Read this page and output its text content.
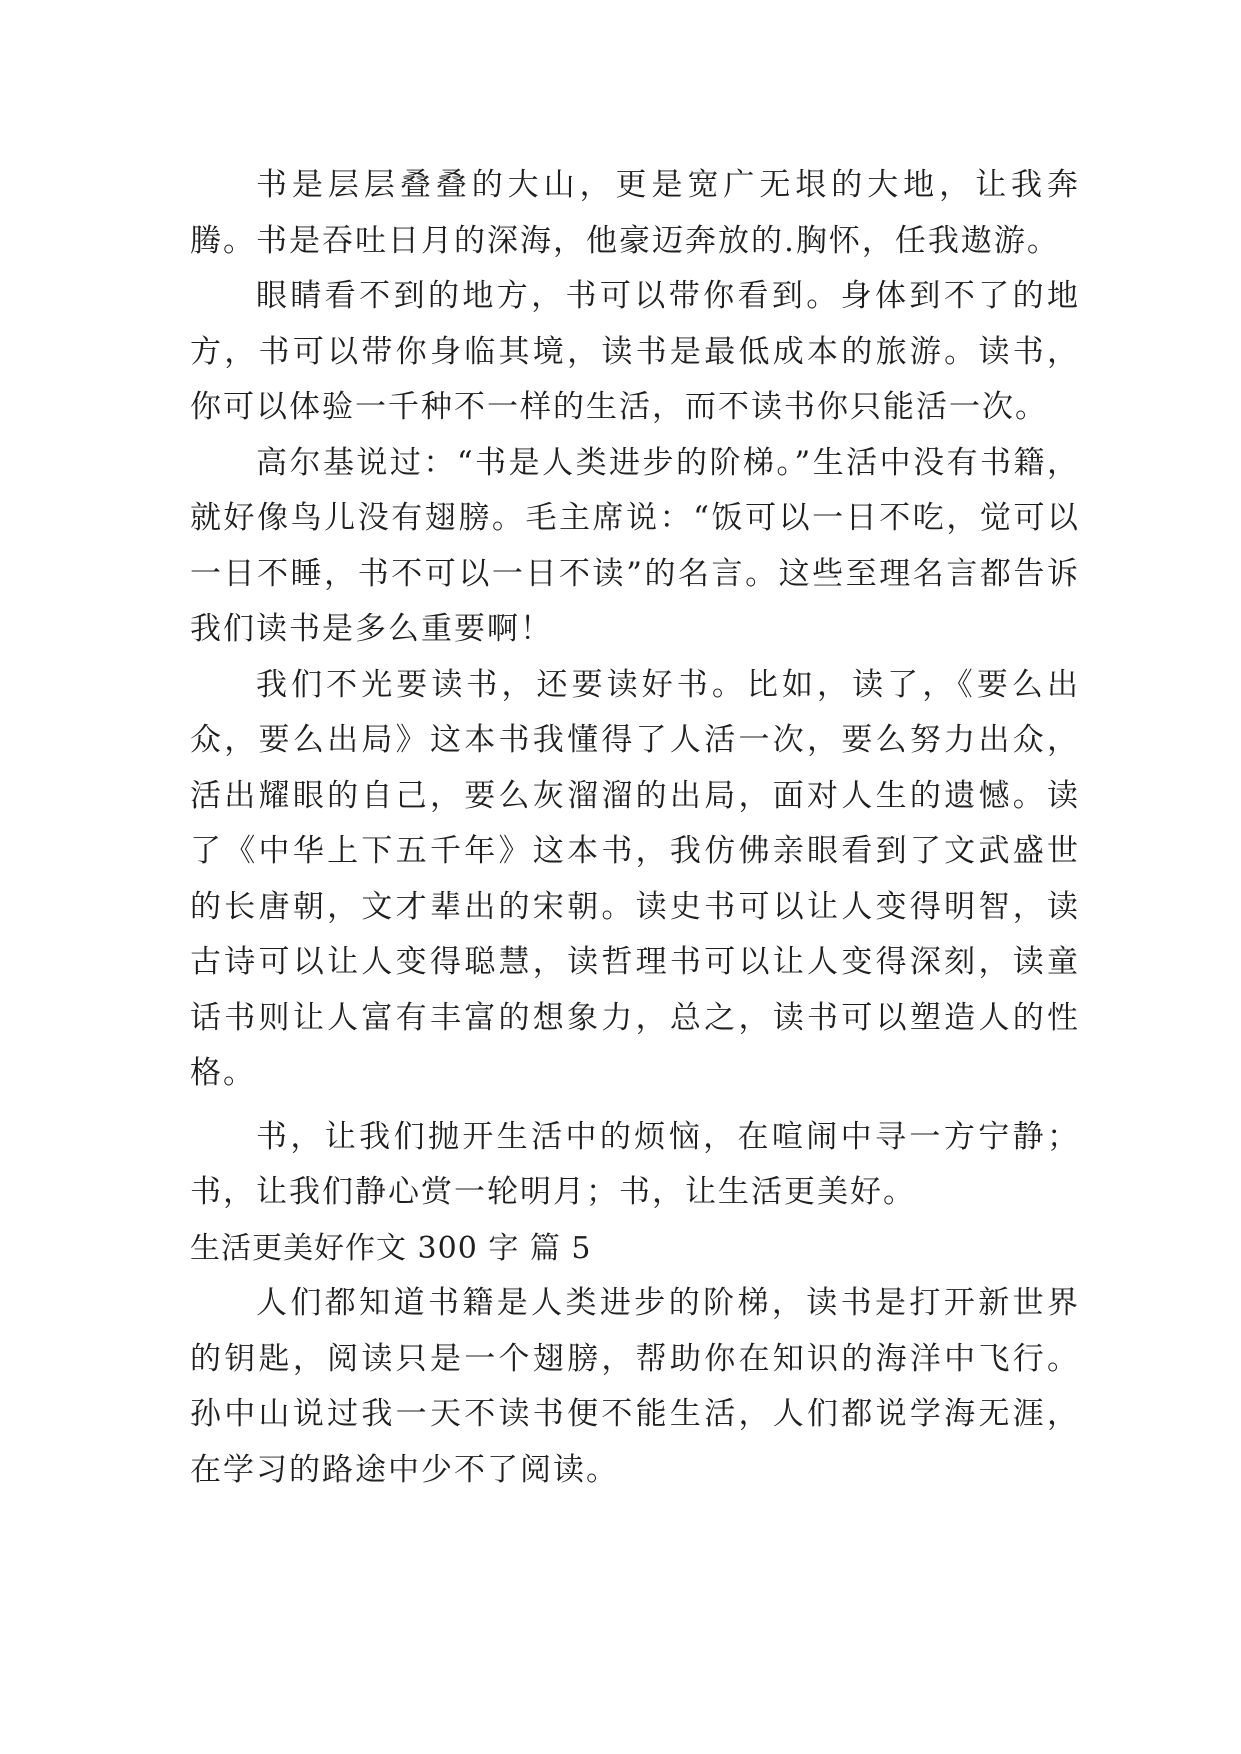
书是层层叠叠的大山，更是宽广无垠的大地，让我奔腾。书是吞吐日月的深海，他豪迈奔放的.胸怀，任我遨游。

眼睛看不到的地方，书可以带你看到。身体到不了的地方，书可以带你身临其境，读书是最低成本的旅游。读书，你可以体验一千种不一样的生活，而不读书你只能活一次。

高尔基说过：“书是人类进步的阶梯。”生活中没有书籍，就好像鸟儿没有翅膀。毛主席说：“饭可以一日不吃，觉可以一日不睡，书不可以一日不读”的名言。这些至理名言都告诉我们读书是多么重要啊！

我们不光要读书，还要读好书。比如，读了，《要么出众，要么出局》这本书我懂得了人活一次，要么努力出众，活出耀眼的自己，要么灰溜溜的出局，面对人生的遗憾。读了《中华上下五千年》这本书，我仿佛亲眼看到了文武盛世的长唐朝，文才辈出的宋朝。读史书可以让人变得明智，读古诗可以让人变得聪慧，读哲理书可以让人变得深刻，读童话书则让人富有丰富的想象力，总之，读书可以塑造人的性格。

书，让我们抛开生活中的烦恼，在喧闹中寻一方宁静；书，让我们静心赏一轮明月；书，让生活更美好。

生活更美好作文 300 字 篇 5

人们都知道书籍是人类进步的阶梯，读书是打开新世界的钥匙，阅读只是一个翅膀，帮助你在知识的海洋中飞行。孙中山说过我一天不读书便不能生活，人们都说学海无涯，在学习的路途中少不了阅读。
